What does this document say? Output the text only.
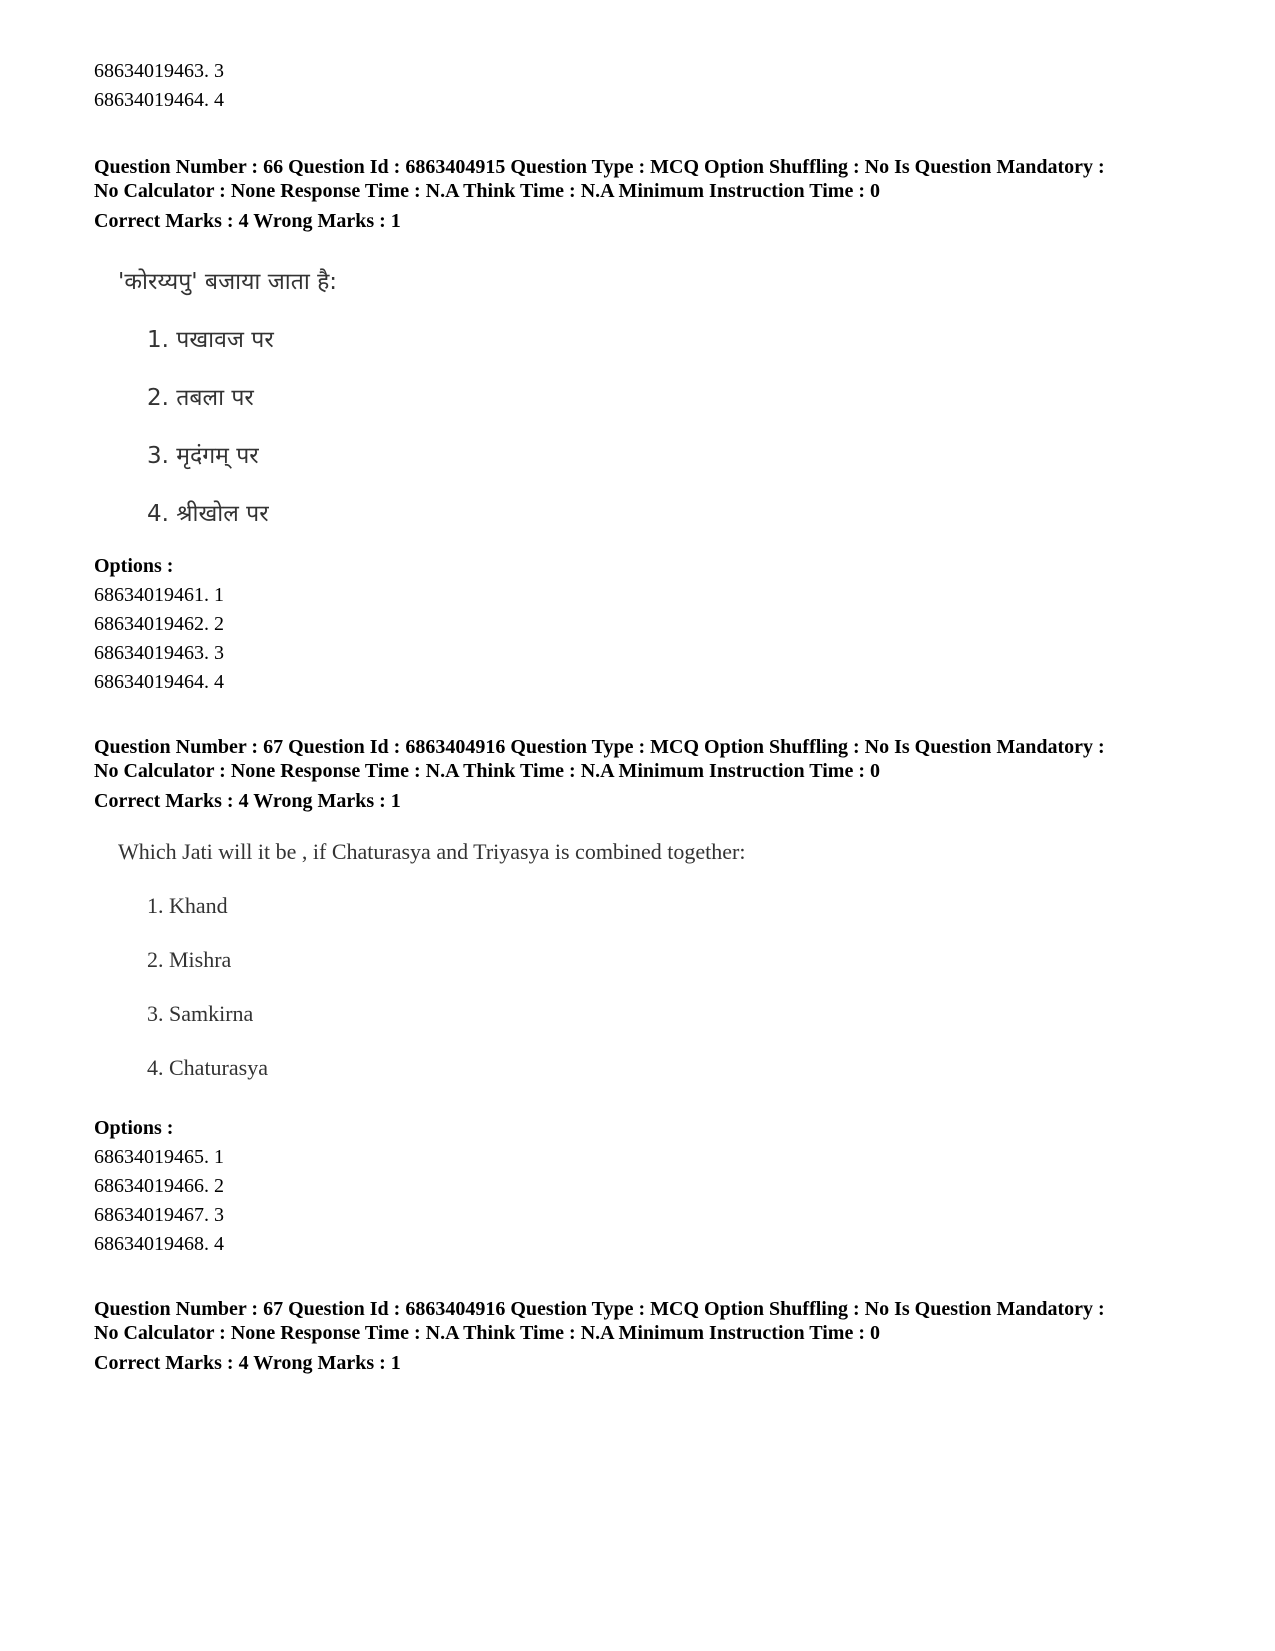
68634019463. 3
68634019464. 4
Question Number : 66 Question Id : 6863404915 Question Type : MCQ Option Shuffling : No Is Question Mandatory :
No Calculator : None Response Time : N.A Think Time : N.A Minimum Instruction Time : 0
Correct Marks : 4 Wrong Marks : 1
'कोरय्यपु' बजाया जाता है:
1. पखावज पर
2. तबला पर
3. मृदंगम् पर
4. श्रीखोल पर
Options :
68634019461. 1
68634019462. 2
68634019463. 3
68634019464. 4
Question Number : 67 Question Id : 6863404916 Question Type : MCQ Option Shuffling : No Is Question Mandatory :
No Calculator : None Response Time : N.A Think Time : N.A Minimum Instruction Time : 0
Correct Marks : 4 Wrong Marks : 1
Which Jati will it be , if Chaturasya and Triyasya is combined together:
1. Khand
2. Mishra
3. Samkirna
4. Chaturasya
Options :
68634019465. 1
68634019466. 2
68634019467. 3
68634019468. 4
Question Number : 67 Question Id : 6863404916 Question Type : MCQ Option Shuffling : No Is Question Mandatory :
No Calculator : None Response Time : N.A Think Time : N.A Minimum Instruction Time : 0
Correct Marks : 4 Wrong Marks : 1
